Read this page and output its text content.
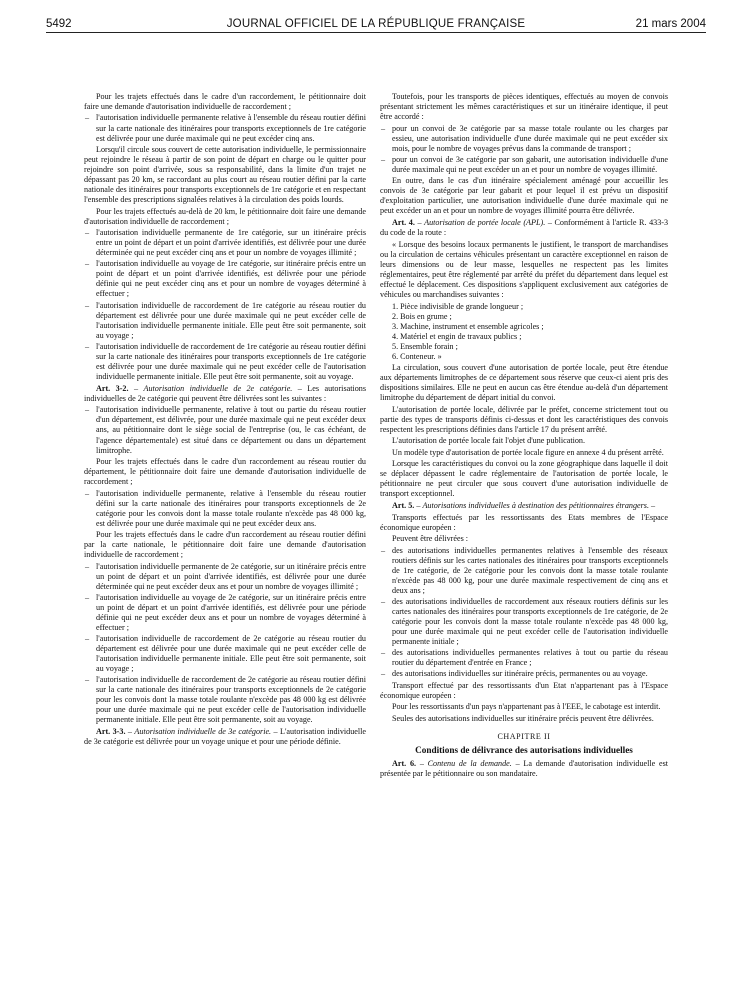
5492	JOURNAL OFFICIEL DE LA RÉPUBLIQUE FRANÇAISE	21 mars 2004

Pour les trajets effectués dans le cadre d'un raccordement, le pétitionnaire doit faire une demande d'autorisation individuelle de raccordement ;

– l'autorisation individuelle permanente relative à l'ensemble du réseau routier défini sur la carte nationale des itinéraires pour transports exceptionnels de 1re catégorie est délivrée pour une durée maximale qui ne peut excéder cinq ans.

Lorsqu'il circule sous couvert de cette autorisation individuelle, le permissionnaire peut rejoindre le réseau à partir de son point de départ en charge ou le quitter pour rejoindre son point d'arrivée, sous sa responsabilité, dans la limite d'un trajet ne dépassant pas 20 km, se raccordant au plus court au réseau routier défini par la carte nationale des itinéraires pour transports exceptionnels de 1re catégorie et en respectant l'ensemble des prescriptions signalées relatives à la circulation des poids lourds.

Pour les trajets effectués au-delà de 20 km, le pétitionnaire doit faire une demande d'autorisation individuelle de raccordement ;

– l'autorisation individuelle permanente de 1re catégorie, sur un itinéraire précis entre un point de départ et un point d'arrivée identifiés, est délivrée pour une durée déterminée qui ne peut excéder cinq ans et pour un nombre de voyages illimité ;
– l'autorisation individuelle au voyage de 1re catégorie, sur itinéraire précis entre un point de départ et un point d'arrivée identifiés, est délivrée pour une période définie qui ne peut excéder cinq ans et pour un nombre de voyages déterminé à effectuer ;
– l'autorisation individuelle de raccordement de 1re catégorie au réseau routier du département est délivrée pour une durée maximale qui ne peut excéder celle de l'autorisation individuelle permanente initiale. Elle peut être soit permanente, soit au voyage ;
– l'autorisation individuelle de raccordement de 1re catégorie au réseau routier défini sur la carte nationale des itinéraires pour transports exceptionnels de 1re catégorie est délivrée pour une durée maximale qui ne peut excéder celle de l'autorisation individuelle permanente initiale. Elle peut être soit permanente, soit au voyage.

Art. 3-2. – Autorisation individuelle de 2e catégorie. – Les autorisations individuelles de 2e catégorie qui peuvent être délivrées sont les suivantes :

– l'autorisation individuelle permanente, relative à tout ou partie du réseau routier d'un département, est délivrée, pour une durée maximale qui ne peut excéder deux ans, au pétitionnaire dont le siège social de l'entreprise (ou, le cas échéant, de l'agence départementale) est situé dans ce département ou dans un département limitrophe.

Pour les trajets effectués dans le cadre d'un raccordement au réseau routier du département, le pétitionnaire doit faire une demande d'autorisation individuelle de raccordement ;

– l'autorisation individuelle permanente, relative à l'ensemble du réseau routier défini sur la carte nationale des itinéraires pour transports exceptionnels de 2e catégorie pour les convois dont la masse totale roulante n'excède pas 48 000 kg, est délivrée pour une durée maximale qui ne peut excéder deux ans.

Pour les trajets effectués dans le cadre d'un raccordement au réseau routier défini par la carte nationale, le pétitionnaire doit faire une demande d'autorisation individuelle de raccordement ;

– l'autorisation individuelle permanente de 2e catégorie, sur un itinéraire précis entre un point de départ et un point d'arrivée identifiés, est délivrée pour une durée déterminée qui ne peut excéder deux ans et pour un nombre de voyages illimité ;
– l'autorisation individuelle au voyage de 2e catégorie, sur un itinéraire précis entre un point de départ et un point d'arrivée identifiés, est délivrée pour une période définie qui ne peut excéder deux ans et pour un nombre de voyages déterminé à effectuer ;
– l'autorisation individuelle de raccordement de 2e catégorie au réseau routier du département est délivrée pour une durée maximale qui ne peut excéder celle de l'autorisation individuelle permanente initiale. Elle peut être soit permanente, soit au voyage ;
– l'autorisation individuelle de raccordement de 2e catégorie au réseau routier défini sur la carte nationale des itinéraires pour transports exceptionnels de 2e catégorie pour les convois dont la masse totale roulante n'excède pas 48 000 kg est délivrée pour une durée maximale qui ne peut excéder celle de l'autorisation individuelle permanente initiale. Elle peut être soit permanente, soit au voyage.

Art. 3-3. – Autorisation individuelle de 3e catégorie. – L'autorisation individuelle de 3e catégorie est délivrée pour un voyage unique et pour une période définie.

Toutefois, pour les transports de pièces identiques, effectués au moyen de convois présentant strictement les mêmes caractéristiques et sur un itinéraire identique, il peut être accordé :

– pour un convoi de 3e catégorie par sa masse totale roulante ou les charges par essieu, une autorisation individuelle d'une durée maximale qui ne peut excéder six mois, pour le nombre de voyages prévus dans la commande de transport ;
– pour un convoi de 3e catégorie par son gabarit, une autorisation individuelle d'une durée maximale qui ne peut excéder un an et pour un nombre de voyages illimité.

En outre, dans le cas d'un itinéraire spécialement aménagé pour accueillir les convois de 3e catégorie par leur gabarit et pour lequel il est prévu un dispositif d'exploitation particulier, une autorisation individuelle d'une durée maximale qui ne peut excéder un an et pour un nombre de voyages illimité pourra être délivrée.

Art. 4. – Autorisation de portée locale (APL). – Conformément à l'article R. 433-3 du code de la route :

« Lorsque des besoins locaux permanents le justifient, le transport de marchandises ou la circulation de certains véhicules présentant un caractère exceptionnel en raison de leurs dimensions ou de leur masse, lesquelles ne respectent pas les limites réglementaires, peut être réglementé par arrêté du préfet du département dans lequel est effectué le déplacement. Ces dispositions s'appliquent exclusivement aux catégories de véhicules ou marchandises suivantes :

1. Pièce indivisible de grande longueur ;
2. Bois en grume ;
3. Machine, instrument et ensemble agricoles ;
4. Matériel et engin de travaux publics ;
5. Ensemble forain ;
6. Conteneur. »

La circulation, sous couvert d'une autorisation de portée locale, peut être étendue aux départements limitrophes de ce département sous réserve que ceux-ci aient pris des dispositions similaires. Elle ne peut en aucun cas être étendue au-delà d'un département limitrophe du département de départ initial du convoi.

L'autorisation de portée locale, délivrée par le préfet, concerne strictement tout ou partie des types de transports définis ci-dessus et dont les caractéristiques des convois respectent les prescriptions définies dans l'article 17 du présent arrêté.

L'autorisation de portée locale fait l'objet d'une publication.

Un modèle type d'autorisation de portée locale figure en annexe 4 du présent arrêté.

Lorsque les caractéristiques du convoi ou la zone géographique dans laquelle il doit se déplacer dépassent le cadre réglementaire de l'autorisation de portée locale, le pétitionnaire ne peut circuler que sous couvert d'une autorisation individuelle de transport exceptionnel.

Art. 5. – Autorisations individuelles à destination des pétitionnaires étrangers. –

Transports effectués par les ressortissants des Etats membres de l'Espace économique européen :

Peuvent être délivrées :

– des autorisations individuelles permanentes relatives à l'ensemble des réseaux routiers définis sur les cartes nationales des itinéraires pour transports exceptionnels de 1re catégorie, de 2e catégorie pour les convois dont la masse totale roulante n'excède pas 48 000 kg, pour une durée maximale respectivement de cinq ans et deux ans ;
– des autorisations individuelles de raccordement aux réseaux routiers définis sur les cartes nationales des itinéraires pour transports exceptionnels de 1re catégorie, de 2e catégorie pour les convois dont la masse totale roulante n'excède pas 48 000 kg, pour une durée maximale qui ne peut excéder celle de l'autorisation individuelle permanente initiale ;
– des autorisations individuelles permanentes relatives à tout ou partie du réseau routier du département d'entrée en France ;
– des autorisations individuelles sur itinéraire précis, permanentes ou au voyage.

Transport effectué par des ressortissants d'un Etat n'appartenant pas à l'Espace économique européen :

Pour les ressortissants d'un pays n'appartenant pas à l'EEE, le cabotage est interdit.

Seules des autorisations individuelles sur itinéraire précis peuvent être délivrées.

CHAPITRE II

Conditions de délivrance des autorisations individuelles

Art. 6. – Contenu de la demande. – La demande d'autorisation individuelle est présentée par le pétitionnaire ou son mandataire.
